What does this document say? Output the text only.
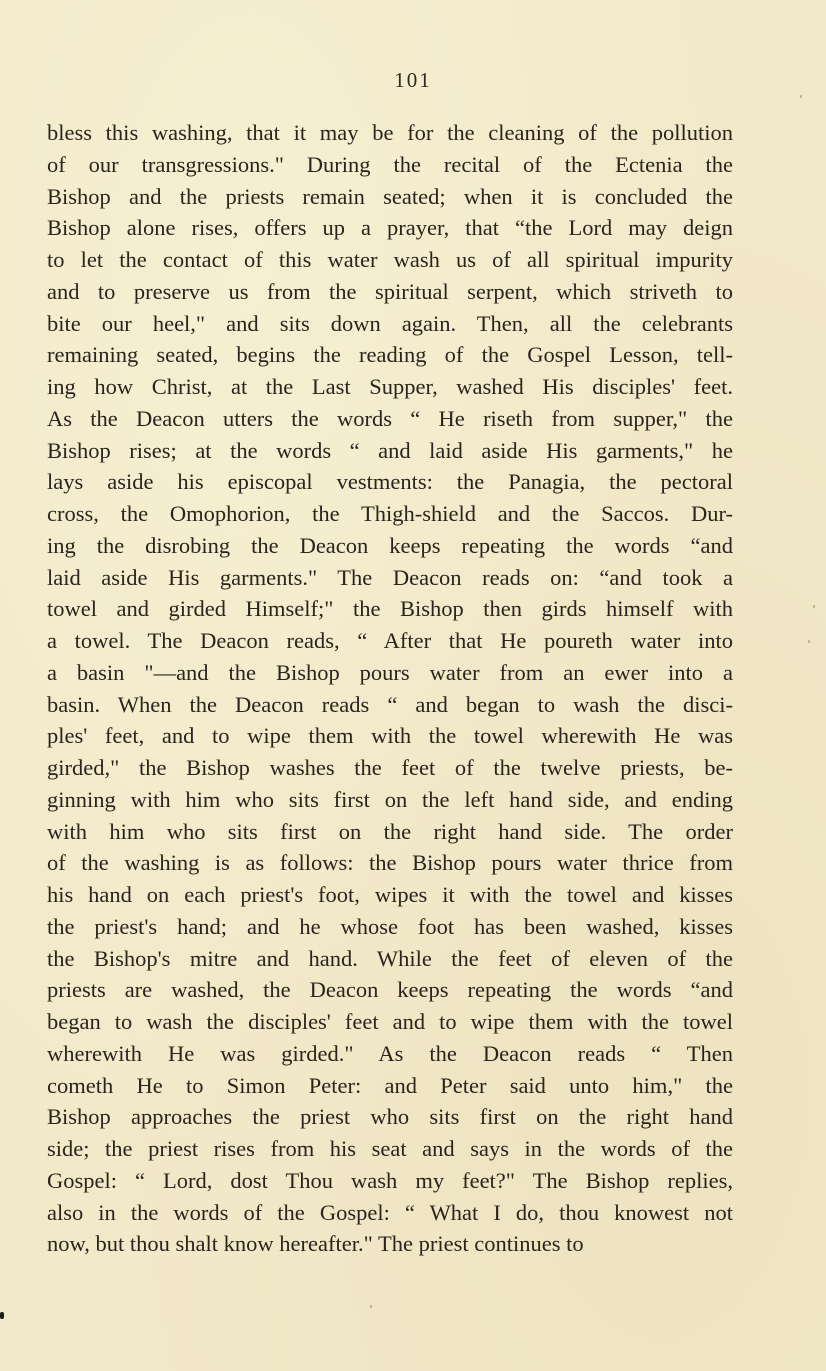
101
bless this washing, that it may be for the cleaning of the pollution
of our transgressions." During the recital of the Ectenia the
Bishop and the priests remain seated; when it is concluded the
Bishop alone rises, offers up a prayer, that “the Lord may deign
to let the contact of this water wash us of all spiritual impurity
and to preserve us from the spiritual serpent, which striveth to
bite our heel," and sits down again. Then, all the celebrants
remaining seated, begins the reading of the Gospel Lesson, tell-
ing how Christ, at the Last Supper, washed His disciples' feet.
As the Deacon utters the words “ He riseth from supper," the
Bishop rises; at the words “ and laid aside His garments," he
lays aside his episcopal vestments: the Panagia, the pectoral
cross, the Omophorion, the Thigh-shield and the Saccos. Dur-
ing the disrobing the Deacon keeps repeating the words “and
laid aside His garments." The Deacon reads on: “and took a
towel and girded Himself;" the Bishop then girds himself with
a towel. The Deacon reads, “ After that He poureth water into
a basin "—and the Bishop pours water from an ewer into a
basin. When the Deacon reads “ and began to wash the disci-
ples' feet, and to wipe them with the towel wherewith He was
girded," the Bishop washes the feet of the twelve priests, be-
ginning with him who sits first on the left hand side, and ending
with him who sits first on the right hand side. The order
of the washing is as follows: the Bishop pours water thrice from
his hand on each priest's foot, wipes it with the towel and kisses
the priest's hand; and he whose foot has been washed, kisses
the Bishop's mitre and hand. While the feet of eleven of the
priests are washed, the Deacon keeps repeating the words “and
began to wash the disciples' feet and to wipe them with the towel
wherewith He was girded." As the Deacon reads “ Then
cometh He to Simon Peter: and Peter said unto him," the
Bishop approaches the priest who sits first on the right hand
side; the priest rises from his seat and says in the words of the
Gospel: “ Lord, dost Thou wash my feet?" The Bishop replies,
also in the words of the Gospel: “ What I do, thou knowest not
now, but thou shalt know hereafter." The priest continues to
